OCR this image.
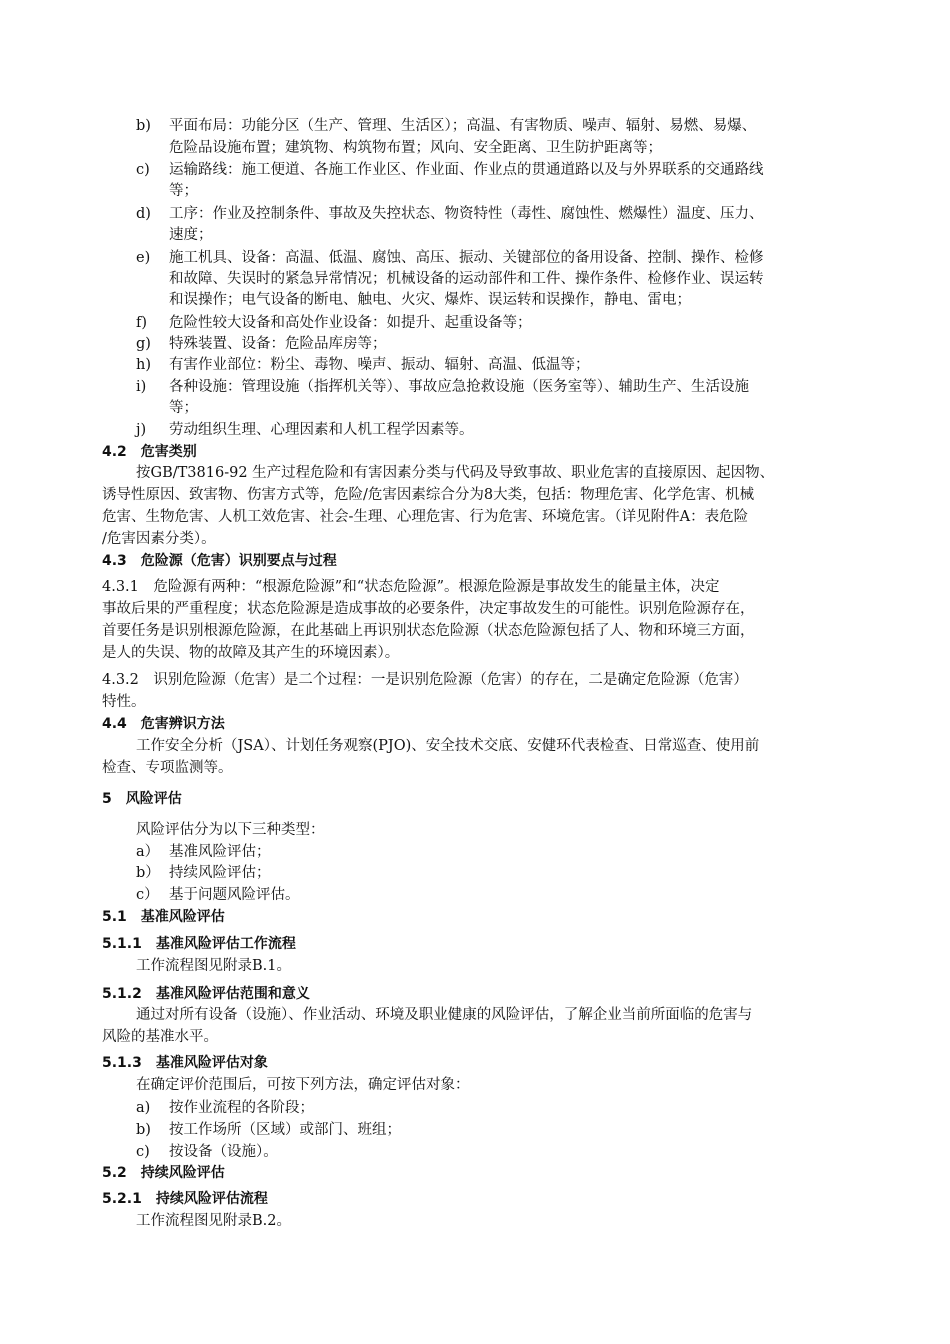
b) 平面布局：功能分区（生产、管理、生活区）；高温、有害物质、噪声、辐射、易燃、易爆、
危险品设施布置；建筑物、构筑物布置；风向、安全距离、卫生防护距离等；
c) 运输路线：施工便道、各施工作业区、作业面、作业点的贯通道路以及与外界联系的交通路线
等；
d) 工序：作业及控制条件、事故及失控状态、物资特性（毒性、腐蚀性、燃爆性）温度、压力、
速度；
e) 施工机具、设备：高温、低温、腐蚀、高压、振动、关键部位的备用设备、控制、操作、检修
和故障、失误时的紧急异常情况；机械设备的运动部件和工件、操作条件、检修作业、误运转
和误操作；电气设备的断电、触电、火灾、爆炸、误运转和误操作，静电、雷电；
f) 危险性较大设备和高处作业设备：如提升、起重设备等；
g) 特殊装置、设备：危险品库房等；
h) 有害作业部位：粉尘、毒物、噪声、振动、辐射、高温、低温等；
i) 各种设施：管理设施（指挥机关等）、事故应急抢救设施（医务室等）、辅助生产、生活设施
等；
j) 劳动组织生理、心理因素和人机工程学因素等。
4.2　危害类别
按GB/T3816-92 生产过程危险和有害因素分类与代码及导致事故、职业危害的直接原因、起因物、
诱导性原因、致害物、伤害方式等，危险/危害因素综合分为8大类，包括：物理危害、化学危害、机械
危害、生物危害、人机工效危害、社会-生理、心理危害、行为危害、环境危害。（详见附件A：表危险
/危害因素分类）。
4.3　危险源（危害）识别要点与过程
4.3.1　危险源有两种：“根源危险源”和“状态危险源”。根源危险源是事故发生的能量主体，决定
事故后果的严重程度；状态危险源是造成事故的必要条件，决定事故发生的可能性。识别危险源存在，
首要任务是识别根源危险源，在此基础上再识别状态危险源（状态危险源包括了人、物和环境三方面，
是人的失误、物的故障及其产生的环境因素）。
4.3.2　识别危险源（危害）是二个过程：一是识别危险源（危害）的存在，二是确定危险源（危害）
特性。
4.4　危害辨识方法
工作安全分析（JSA）、计划任务观察(PJO)、安全技术交底、安健环代表检查、日常巡查、使用前
检查、专项监测等。
5　风险评估
风险评估分为以下三种类型：
a） 基准风险评估；
b） 持续风险评估；
c） 基于问题风险评估。
5.1　基准风险评估
5.1.1　基准风险评估工作流程
工作流程图见附录B.1。
5.1.2　基准风险评估范围和意义
通过对所有设备（设施）、作业活动、环境及职业健康的风险评估，了解企业当前所面临的危害与
风险的基准水平。
5.1.3　基准风险评估对象
在确定评价范围后，可按下列方法，确定评估对象：
a) 按作业流程的各阶段；
b) 按工作场所（区域）或部门、班组；
c) 按设备（设施）。
5.2　持续风险评估
5.2.1　持续风险评估流程
工作流程图见附录B.2。
